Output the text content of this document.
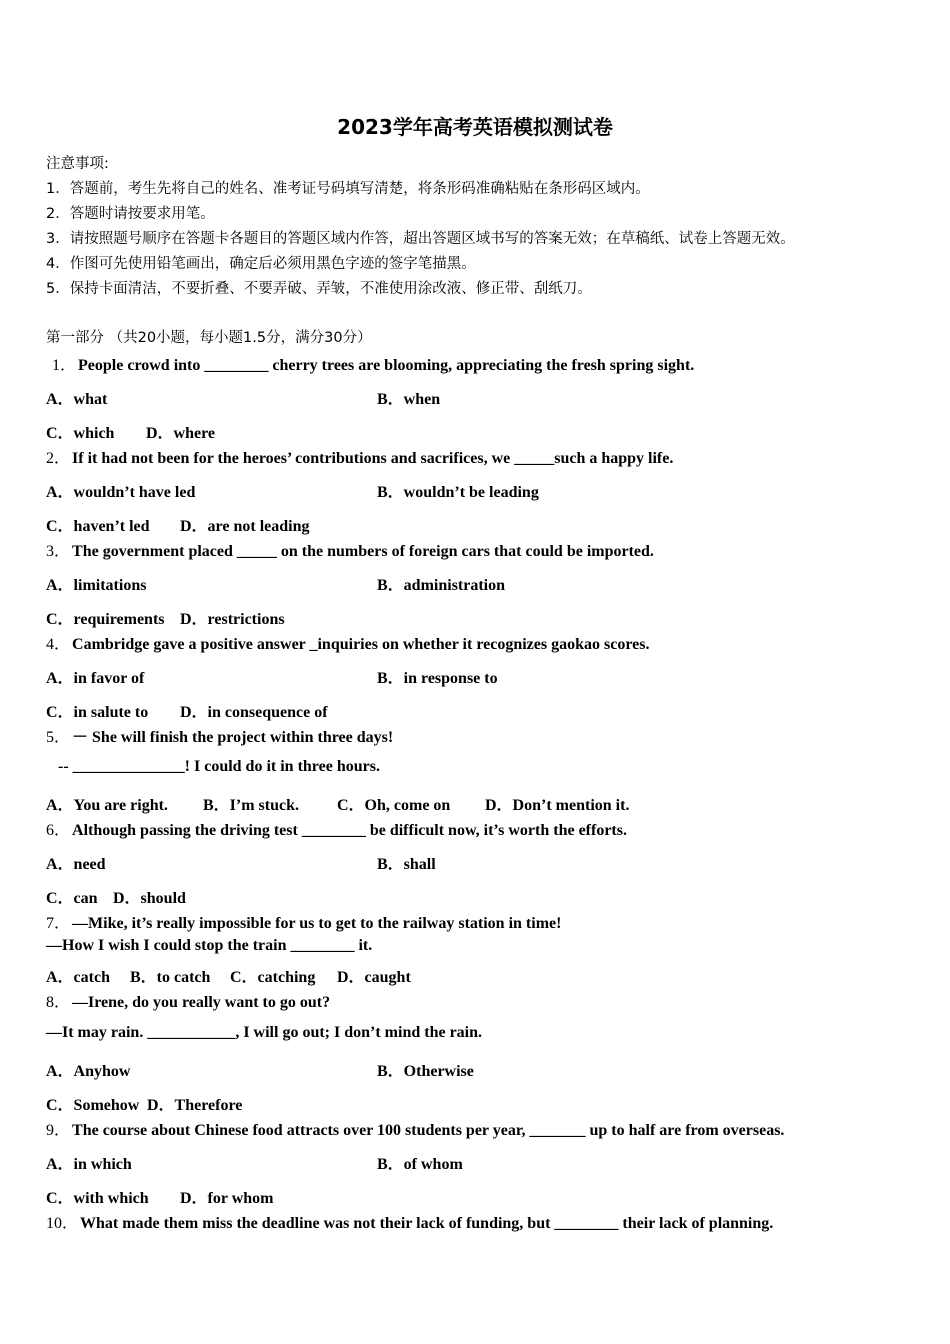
2023学年高考英语模拟测试卷
注意事项:
1．答题前，考生先将自己的姓名、准考证号码填写清楚，将条形码准确粘贴在条形码区域内。
2．答题时请按要求用笔。
3．请按照题号顺序在答题卡各题目的答题区域内作答，超出答题区域书写的答案无效；在草稿纸、试卷上答题无效。
4．作图可先使用铅笔画出，确定后必须用黑色字迹的签字笔描黑。
5．保持卡面清洁，不要折叠、不要弄破、弄皱，不准使用涂改液、修正带、刮纸刀。
第一部分 （共20小题，每小题1.5分，满分30分）
1． People crowd into ________ cherry trees are blooming, appreciating the fresh spring sight.
A．what	B．when
C．which D．where
2． If it had not been for the heroes’ contributions and sacrifices, we _____such a happy life.
A．wouldn’t have led	B．wouldn’t be leading
C．haven’t led D．are not leading
3． The government placed _____ on the numbers of foreign cars that could be imported.
A．limitations	B．administration
C．requirements D．restrictions
4． Cambridge gave a positive answer _inquiries on whether it recognizes gaokao scores.
A．in favor of	B．in response to
C．in salute to D．in consequence of
5． － She will finish the project within three days!
-- ______________! I could do it in three hours.
A．You are right. B．I’m stuck. C．Oh, come on D．Don’t mention it.
6． Although passing the driving test ________ be difficult now, it’s worth the efforts.
A．need	B．shall
C．can D．should
7． —Mike, it’s really impossible for us to get to the railway station in time!
—How I wish I could stop the train ________ it.
A．catch B．to catch C．catching D．caught
8． —Irene, do you really want to go out?
—It may rain. ___________, I will go out; I don’t mind the rain.
A．Anyhow	B．Otherwise
C．Somehow D．Therefore
9． The course about Chinese food attracts over 100 students per year, _______ up to half are from overseas.
A．in which	B．of whom
C．with which D．for whom
10． What made them miss the deadline was not their lack of funding, but ________ their lack of planning.
